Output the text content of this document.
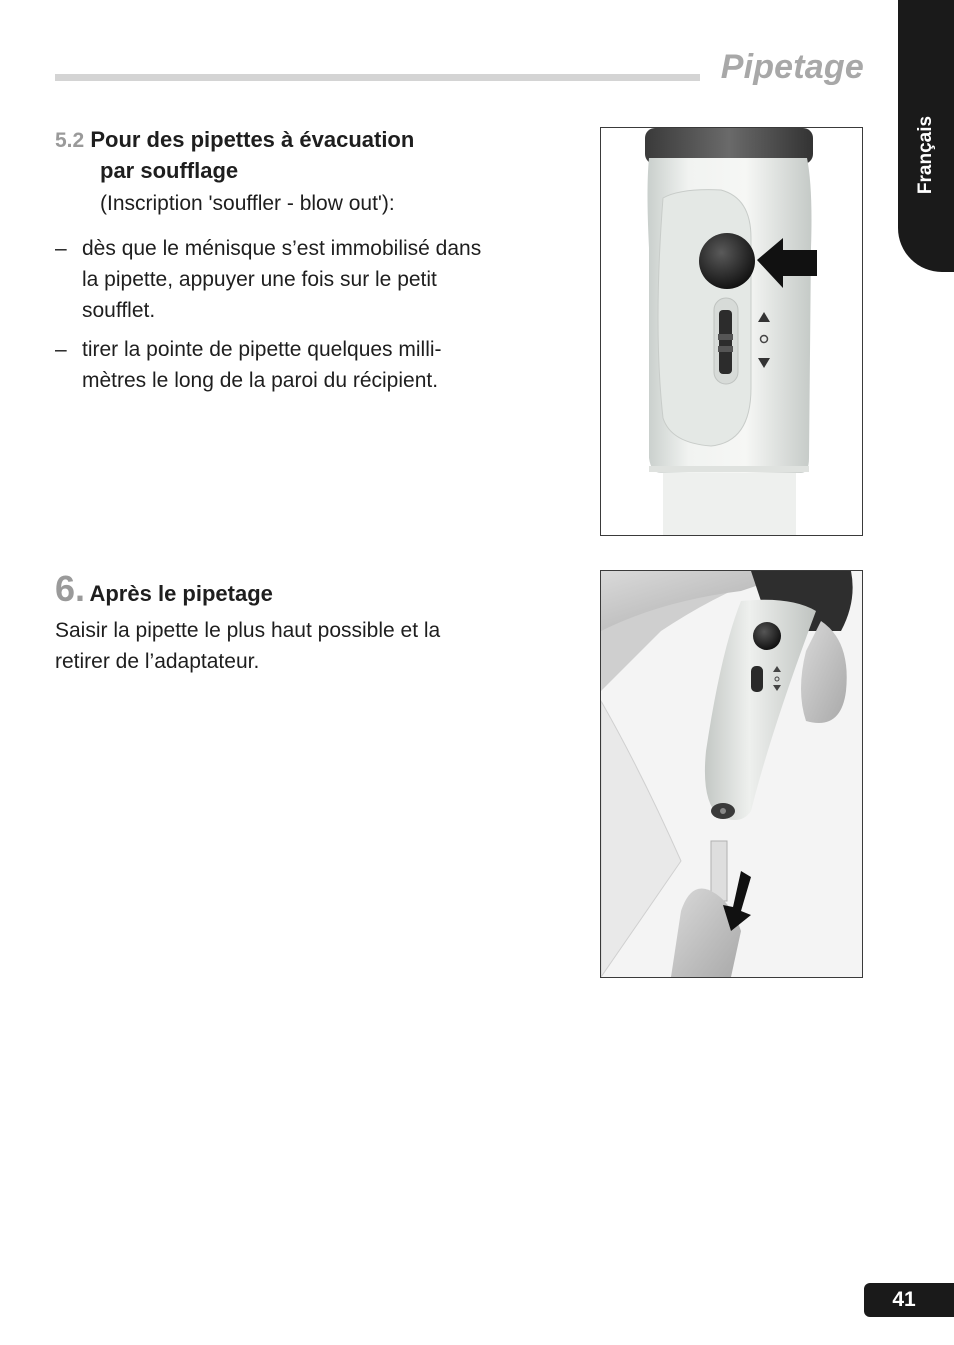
Pipetage
Français
5.2 Pour des pipettes à évacuation
par soufflage
(Inscription 'souffler - blow out'):
– dès que le ménisque s’est immobilisé dans
la pipette, appuyer une fois sur le petit
soufflet.
– tirer la pointe de pipette quelques milli-
mètres le long de la paroi du récipient.
6. Après le pipetage
Saisir la pipette le plus haut possible et la
retirer de l’adaptateur.
41
